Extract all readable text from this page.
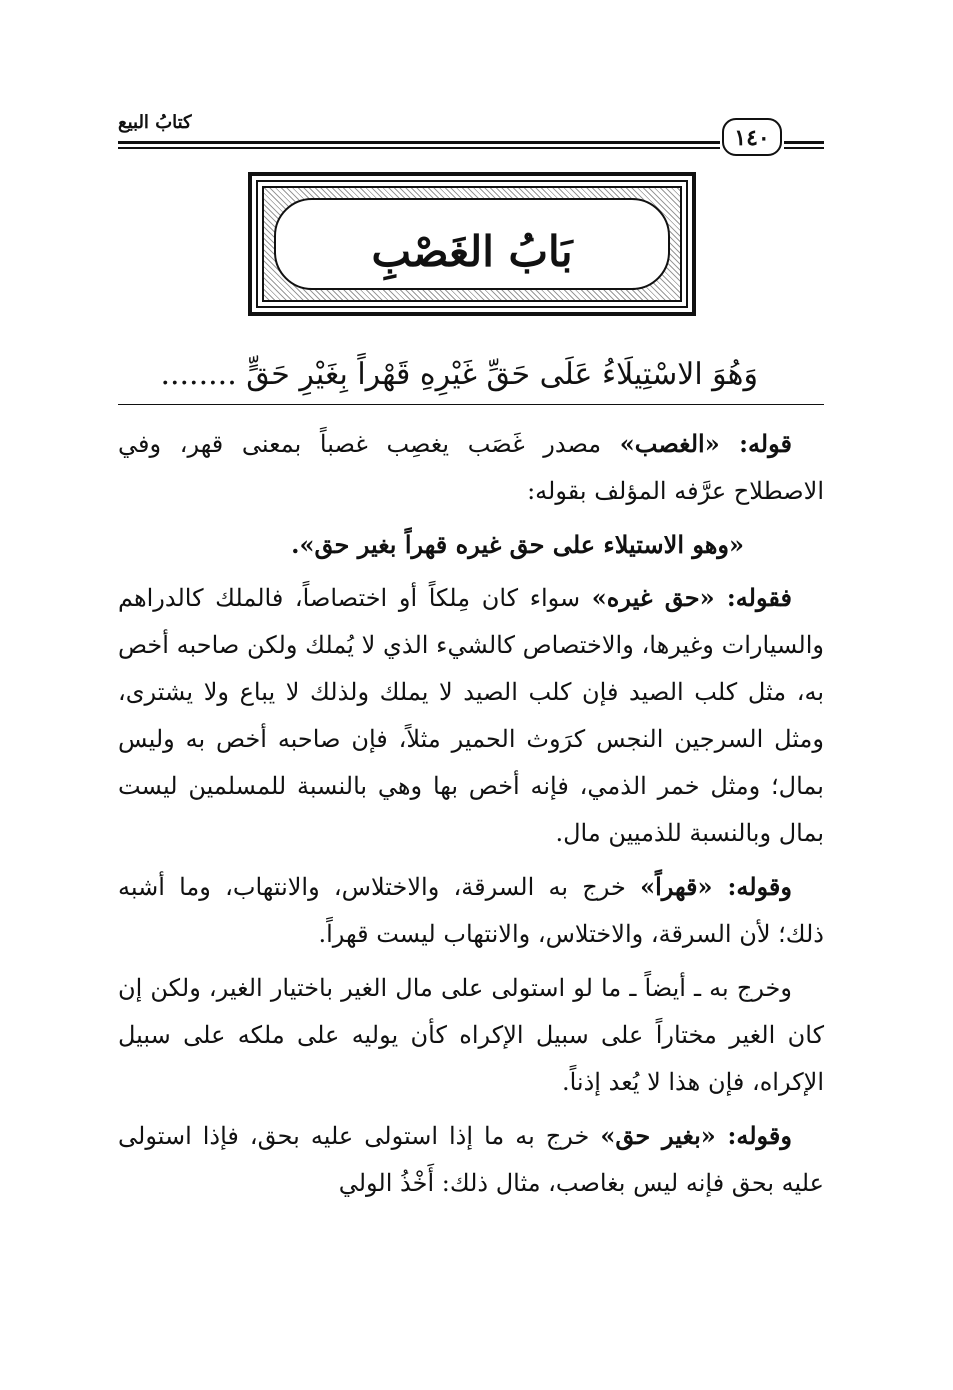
كتابُ البيع
١٤٠
بَابُ الغَصْبِ
وَهُوَ الاسْتِيلَاءُ عَلَى حَقِّ غَيْرِهِ قَهْراً بِغَيْرِ حَقٍّ ........

قوله: «الغصب» مصدر غَصَب يغصِب غصباً بمعنى قهر، وفي الاصطلاح عرَّفه المؤلف بقوله:

«وهو الاستيلاء على حق غيره قهراً بغير حق».

فقوله: «حق غيره» سواء كان مِلكاً أو اختصاصاً، فالملك كالدراهم والسيارات وغيرها، والاختصاص كالشيء الذي لا يُملك ولكن صاحبه أخص به، مثل كلب الصيد فإن كلب الصيد لا يملك ولذلك لا يباع ولا يشترى، ومثل السرجين النجس كرَوث الحمير مثلاً، فإن صاحبه أخص به وليس بمال؛ ومثل خمر الذمي، فإنه أخص بها وهي بالنسبة للمسلمين ليست بمال وبالنسبة للذميين مال.

وقوله: «قهراً» خرج به السرقة، والاختلاس، والانتهاب، وما أشبه ذلك؛ لأن السرقة، والاختلاس، والانتهاب ليست قهراً.

وخرج به ـ أيضاً ـ ما لو استولى على مال الغير باختيار الغير، ولكن إن كان الغير مختاراً على سبيل الإكراه كأن يوليه على ملكه على سبيل الإكراه، فإن هذا لا يُعد إذناً.

وقوله: «بغير حق» خرج به ما إذا استولى عليه بحق، فإذا استولى عليه بحق فإنه ليس بغاصب، مثال ذلك: أَخْذُ الولي
